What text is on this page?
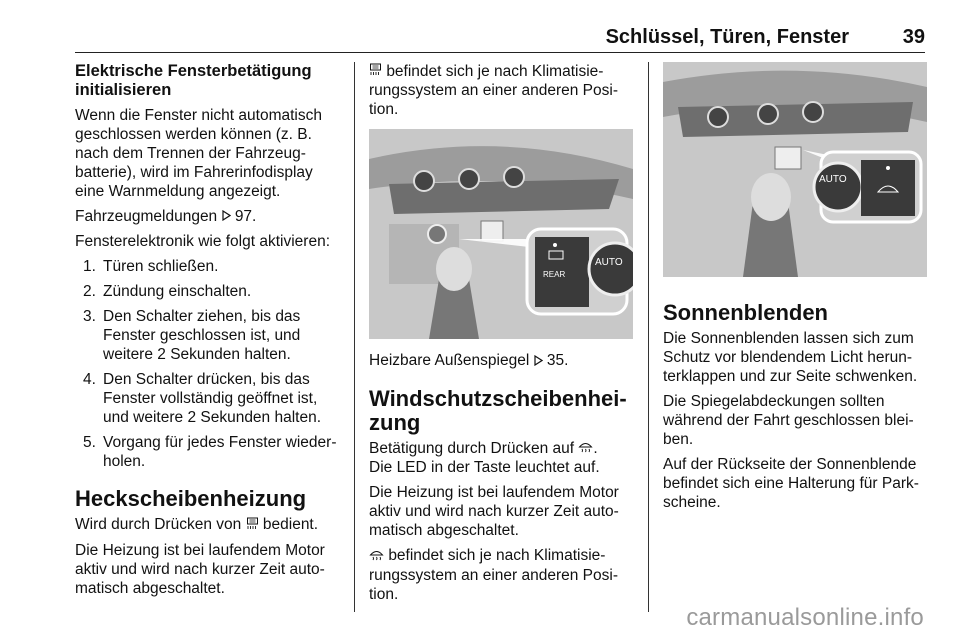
Schlüssel, Türen, Fenster	39
Elektrische Fensterbetätigung initialisieren

Wenn die Fenster nicht automatisch geschlossen werden können (z. B. nach dem Trennen der Fahrzeug-batterie), wird im Fahrerinfodisplay eine Warnmeldung angezeigt.

Fahrzeugmeldungen 97.

Fensterelektronik wie folgt aktivieren:

1. Türen schließen.
2. Zündung einschalten.
3. Den Schalter ziehen, bis das Fenster geschlossen ist, und weitere 2 Sekunden halten.
4. Den Schalter drücken, bis das Fenster vollständig geöffnet ist, und weitere 2 Sekunden halten.
5. Vorgang für jedes Fenster wieder-holen.
Heckscheibenheizung

Wird durch Drücken von bedient.

Die Heizung ist bei laufendem Motor aktiv und wird nach kurzer Zeit auto-matisch abgeschaltet.

befindet sich je nach Klimatisie-rungssystem an einer anderen Posi-tion.

REAR
AUTO

Heizbare Außenspiegel 35.

Windschutzscheibenhei-zung

Betätigung durch Drücken auf .
Die LED in der Taste leuchtet auf.

Die Heizung ist bei laufendem Motor aktiv und wird nach kurzer Zeit auto-matisch abgeschaltet.

befindet sich je nach Klimatisie-rungssystem an einer anderen Posi-tion.

AUTO
Sonnenblenden

Die Sonnenblenden lassen sich zum Schutz vor blendendem Licht herun-terklappen und zur Seite schwenken.

Die Spiegelabdeckungen sollten während der Fahrt geschlossen blei-ben.

Auf der Rückseite der Sonnenblende befindet sich eine Halterung für Park-scheine.

carmanualsonline.info
